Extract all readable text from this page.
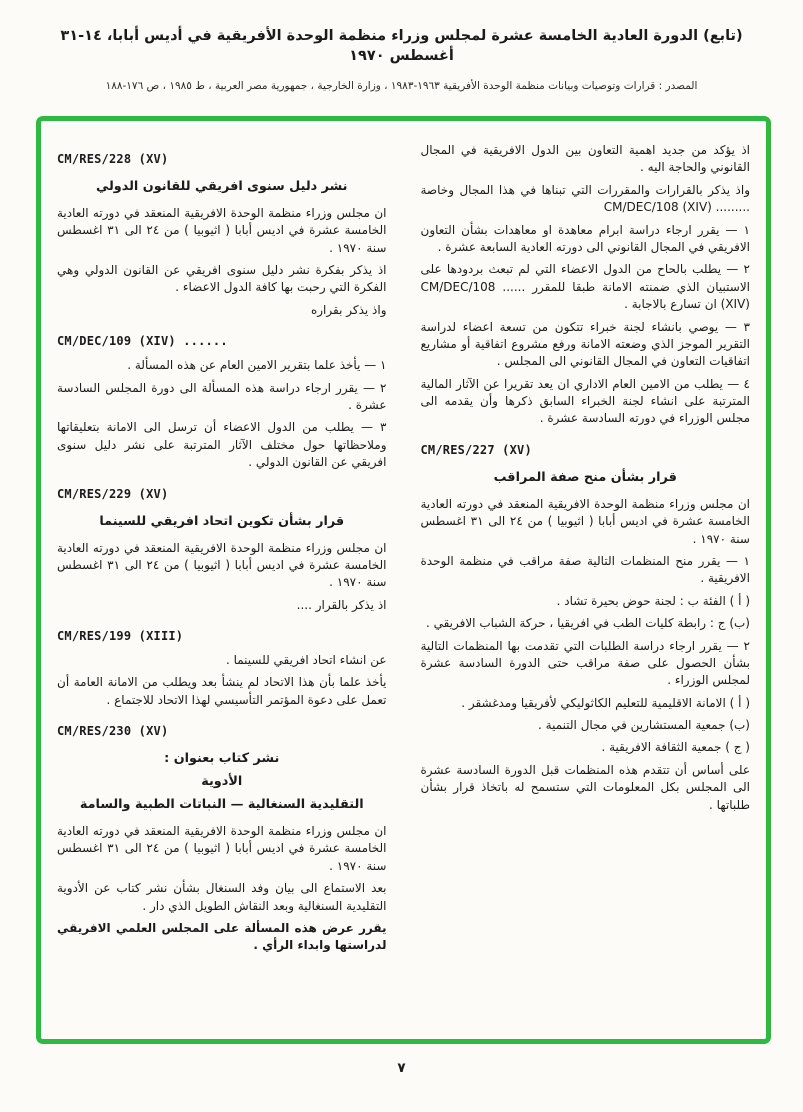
(تابع) الدورة العادية الخامسة عشرة لمجلس وزراء منظمة الوحدة الأفريقية في أديس أبابا، ١٤-٣١ أغسطس ١٩٧٠
المصدر : قرارات وتوصيات وبيانات منظمة الوحدة الأفريقية ١٩٦٣-١٩٨٣ ، وزارة الخارجية ، جمهورية مصر العربية ، ط ١٩٨٥ ، ص ١٧٦-١٨٨
اذ يؤكد من جديد اهمية التعاون بين الدول الافريقية في المجال القانوني والحاجة اليه .
واذ يذكر بالقرارات والمقررات التي تبناها في هذا المجال وخاصة ......... CM/DEC/108 (XIV)‎
١ — يقرر ارجاء دراسة ابرام معاهدة او معاهدات بشأن التعاون الافريقي في المجال القانوني الى دورته العادية السابعة عشرة .
٢ — يطلب بالحاح من الدول الاعضاء التي لم تبعث بردودها على الاستبيان الذي ضمنته الامانة طبقا للمقرر ...... CM/DEC/108 (XIV)‎ ان تسارع بالاجابة .
٣ — يوصي بانشاء لجنة خبراء تتكون من تسعة اعضاء لدراسة التقرير الموجز الذي وضعته الامانة ورفع مشروع اتفاقية أو مشاريع اتفاقيات التعاون في المجال القانوني الى المجلس .
٤ — يطلب من الامين العام الاداري ان يعد تقريرا عن الآثار المالية المترتبة على انشاء لجنة الخبراء السابق ذكرها وأن يقدمه الى مجلس الوزراء في دورته السادسة عشرة .
CM/RES/227 (XV)
قرار بشأن منح صفة المراقب
ان مجلس وزراء منظمة الوحدة الافريقية المنعقد في دورته العادية الخامسة عشرة في اديس أبابا ( اثيوبيا ) من ٢٤ الى ٣١ اغسطس سنة ١٩٧٠ .
١ — يقرر منح المنظمات التالية صفة مراقب في منظمة الوحدة الافريقية .
( أ ) الفئة ب : لجنة حوض بحيرة تشاد .
(ب) ج : رابطة كليات الطب في افريقيا ، حركة الشباب الافريقي .
٢ — يقرر ارجاء دراسة الطلبات التي تقدمت بها المنظمات التالية بشأن الحصول على صفة مراقب حتى الدورة السادسة عشرة لمجلس الوزراء .
( أ ) الامانة الاقليمية للتعليم الكاثوليكي لأفريقيا ومدغشقر .
(ب) جمعية المستشارين في مجال التنمية .
( ج ) جمعية الثقافة الافريقية .
على أساس أن تتقدم هذه المنظمات قبل الدورة السادسة عشرة الى المجلس بكل المعلومات التي ستسمح له باتخاذ قرار بشأن طلباتها .
CM/RES/228 (XV)
نشر دليل سنوى افريقي للقانون الدولي
ان مجلس وزراء منظمة الوحدة الافريقية المنعقد في دورته العادية الخامسة عشرة في اديس أبابا ( اثيوبيا ) من ٢٤ الى ٣١ اغسطس سنة ١٩٧٠ .
اذ يذكر بفكرة نشر دليل سنوى افريقي عن القانون الدولي وهي الفكرة التي رحبت بها كافة الدول الاعضاء .
واذ يذكر بقراره
CM/DEC/109 (XIV) ......
١ — يأخذ علما بتقرير الامين العام عن هذه المسألة .
٢ — يقرر ارجاء دراسة هذه المسألة الى دورة المجلس السادسة عشرة .
٣ — يطلب من الدول الاعضاء أن ترسل الى الامانة بتعليقاتها وملاحظاتها حول مختلف الآثار المترتبة على نشر دليل سنوى افريقي عن القانون الدولي .
CM/RES/229 (XV)
قرار بشأن تكوين اتحاد افريقي للسينما
ان مجلس وزراء منظمة الوحدة الافريقية المنعقد في دورته العادية الخامسة عشرة في اديس أبابا ( اثيوبيا ) من ٢٤ الى ٣١ اغسطس سنة ١٩٧٠ .
اذ يذكر بالقرار ....
CM/RES/199 (XIII)
عن انشاء اتحاد افريقي للسينما .
يأخذ علما بأن هذا الاتحاد لم ينشأ بعد ويطلب من الامانة العامة أن تعمل على دعوة المؤتمر التأسيسي لهذا الاتحاد للاجتماع .
CM/RES/230 (XV)
نشر كتاب بعنوان :
الأدوية
التقليدية السنغالية — النباتات الطبية والسامة
ان مجلس وزراء منظمة الوحدة الافريقية المنعقد في دورته العادية الخامسة عشرة في اديس أبابا ( اثيوبيا ) من ٢٤ الى ٣١ اغسطس سنة ١٩٧٠ .
بعد الاستماع الى بيان وفد السنغال بشأن نشر كتاب عن الأدوية التقليدية السنغالية وبعد النقاش الطويل الذي دار .
يقرر عرض هذه المسألة على المجلس العلمي الافريقي لدراستها وابداء الرأي .
٧
